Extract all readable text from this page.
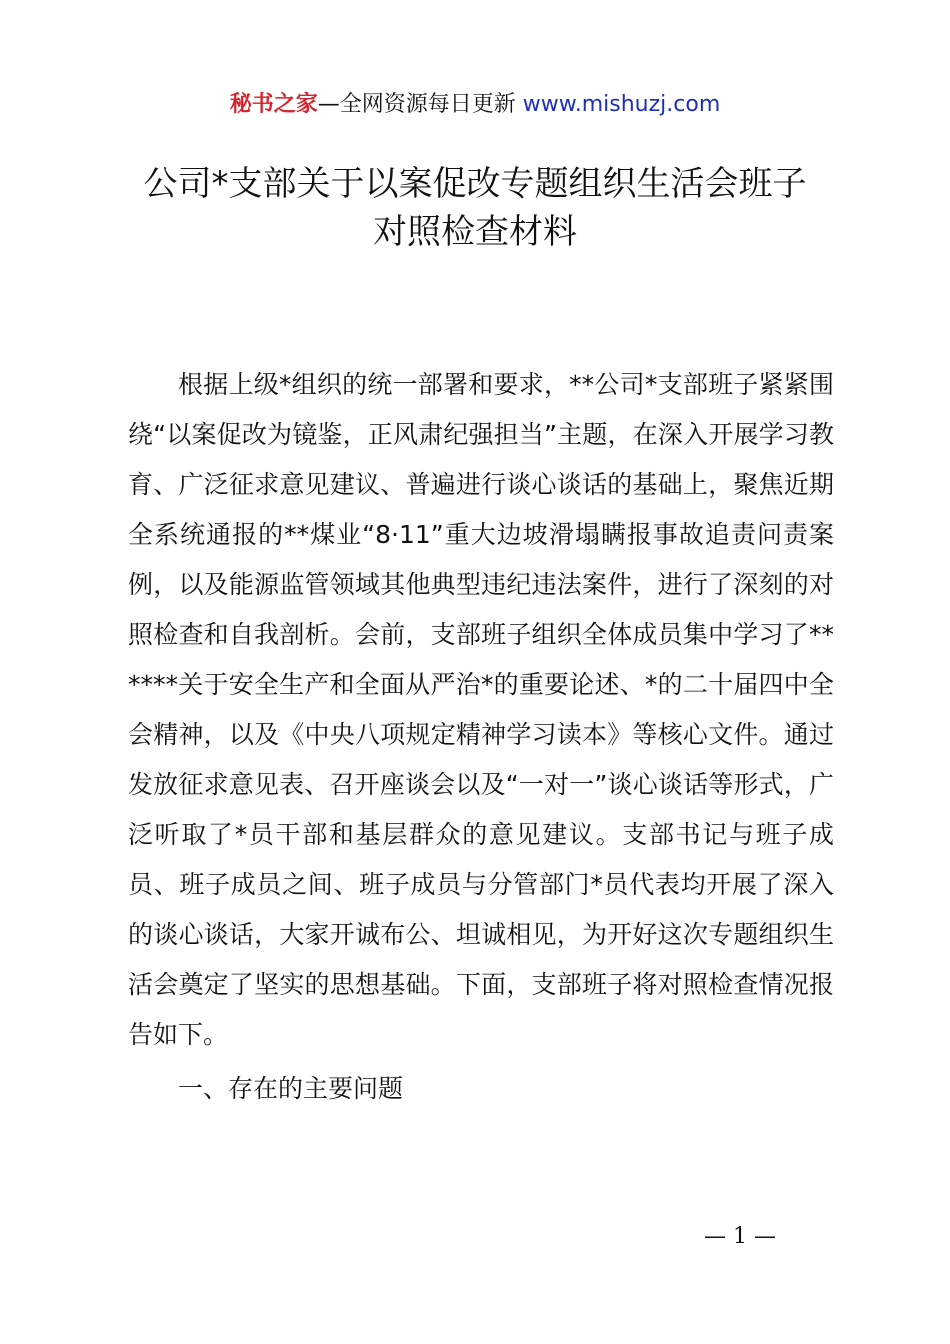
秘书之家—全网资源每日更新 www.mishuzj.com
公司*支部关于以案促改专题组织生活会班子
对照检查材料

根据上级*组织的统一部署和要求，**公司*支部班子紧紧围绕“以案促改为镜鉴，正风肃纪强担当”主题，在深入开展学习教育、广泛征求意见建议、普遍进行谈心谈话的基础上，聚焦近期全系统通报的**煤业“8·11”重大边坡滑塌瞒报事故追责问责案例，以及能源监管领域其他典型违纪违法案件，进行了深刻的对照检查和自我剖析。会前，支部班子组织全体成员集中学习了******关于安全生产和全面从严治*的重要论述、*的二十届四中全会精神，以及《中央八项规定精神学习读本》等核心文件。通过发放征求意见表、召开座谈会以及“一对一”谈心谈话等形式，广泛听取了*员干部和基层群众的意见建议。支部书记与班子成员、班子成员之间、班子成员与分管部门*员代表均开展了深入的谈心谈话，大家开诚布公、坦诚相见，为开好这次专题组织生活会奠定了坚实的思想基础。下面，支部班子将对照检查情况报告如下。

一、存在的主要问题
— 1 —
